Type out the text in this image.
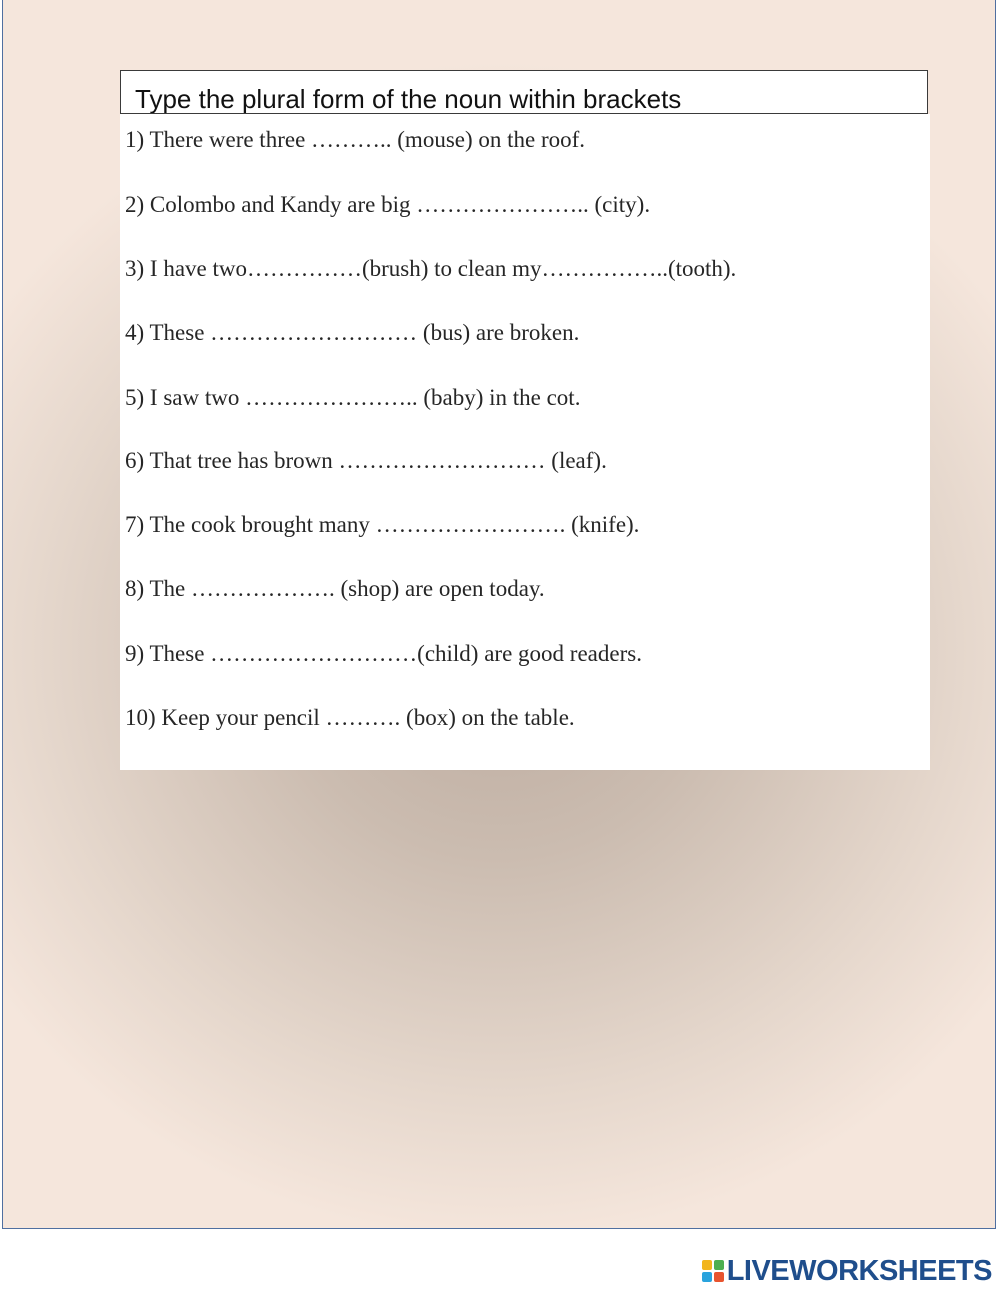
Type the plural form of the noun within brackets
1) There were three ……….. (mouse) on the roof.
2) Colombo and Kandy are big ………………….. (city).
3) I have two……………(brush) to clean my……………..(tooth).
4) These ……………………… (bus) are broken.
5) I saw two ………………….. (baby) in the cot.
6) That tree has brown ……………………… (leaf).
7) The cook brought many ……………………. (knife).
8) The ………………. (shop) are open today.
9) These ………………………(child) are good readers.
10) Keep your pencil ………. (box) on the table.
LIVEWORKSHEETS
